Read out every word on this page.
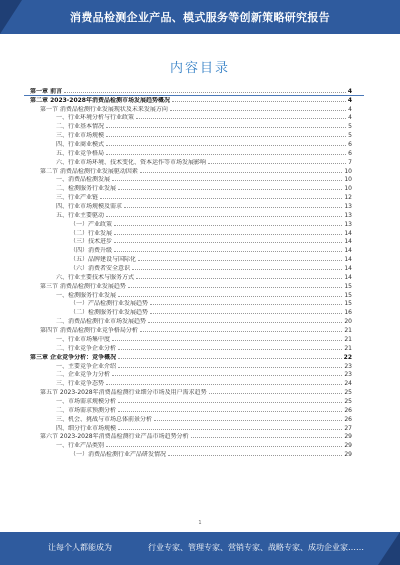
消费品检测企业产品、模式服务等创新策略研究报告
内容目录
第一章 前言	4
第二章 2023-2028年消费品检测市场发展趋势概况	4
第一节 消费品检测行业发展现状及未来发展方向	4
一、行业环境分析与行业政策	4
二、行业基本情况	5
三、行业市场规模	5
四、行业商业模式	6
五、行业竞争格局	6
六、行业市场环境、技术变化、资本运作等市场发展影响	7
第二节 消费品检测行业发展驱动因素	10
一、消费品检测发展	10
二、检测服务行业发展	10
三、行业产业链	12
四、行业市场规模及需求	13
五、行业主要驱动	13
（一）产业政策	13
（二）行业发展	14
（三）技术进步	14
（四）消费升级	14
（五）品牌建设与国际化	14
（六）消费者安全意识	14
六、行业主要技术与服务方式	14
第三节 消费品检测行业发展趋势	15
一、检测服务行业发展	15
（一）产品检测行业发展趋势	15
（二）检测服务行业发展趋势	16
二、消费品检测行业市场发展趋势	20
第四节 消费品检测行业竞争格局分析	21
一、行业市场集中度	21
二、行业竞争企业分析	21
第三章 企业竞争分析：竞争概况	22
一、主要竞争企业介绍	23
二、企业竞争力分析	23
三、行业竞争态势	24
第五节 2023-2028年消费品检测行业细分市场及用户需求趋势	25
一、市场需求规模分析	25
二、市场需求预测分析	26
三、机会、挑战与市场总体前景分析	26
四、细分行业市场规模	27
第六节 2023-2028年消费品检测行业产品市场趋势分析	29
一、行业产品类别	29
（一）消费品检测行业产品研发情况	29
1
让每个人都能成为	行业专家、管理专家、营销专家、战略专家、成功企业家……
